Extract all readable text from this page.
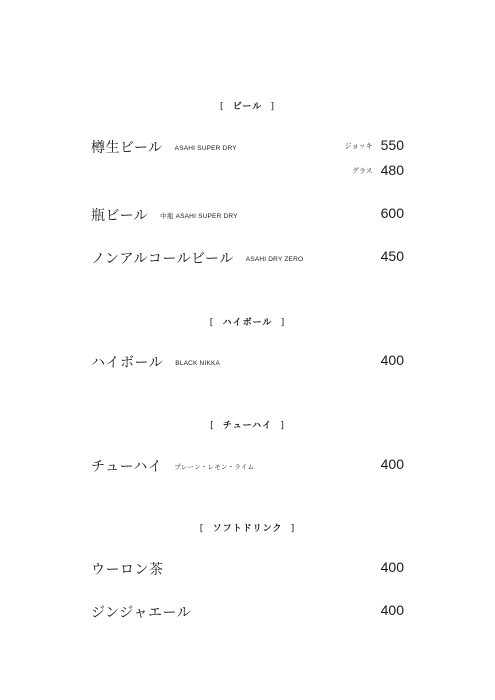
[ ビール ]
樽生ビール $^{ASAHI SUPER DRY}$	ジョッキ 550
グラス 480
瓶ビール $^{中瓶 ASAHI SUPER DRY}$	600
ノンアルコールビール $^{ASAHI DRY ZERO}$	450
[ ハイボール ]
ハイボール $^{BLACK NIKKA}$	400
[ チューハイ ]
チューハイ $^{プレーン・レモン・ライム}$	400
[ ソフトドリンク ]
ウーロン茶	400
ジンジャエール	400
